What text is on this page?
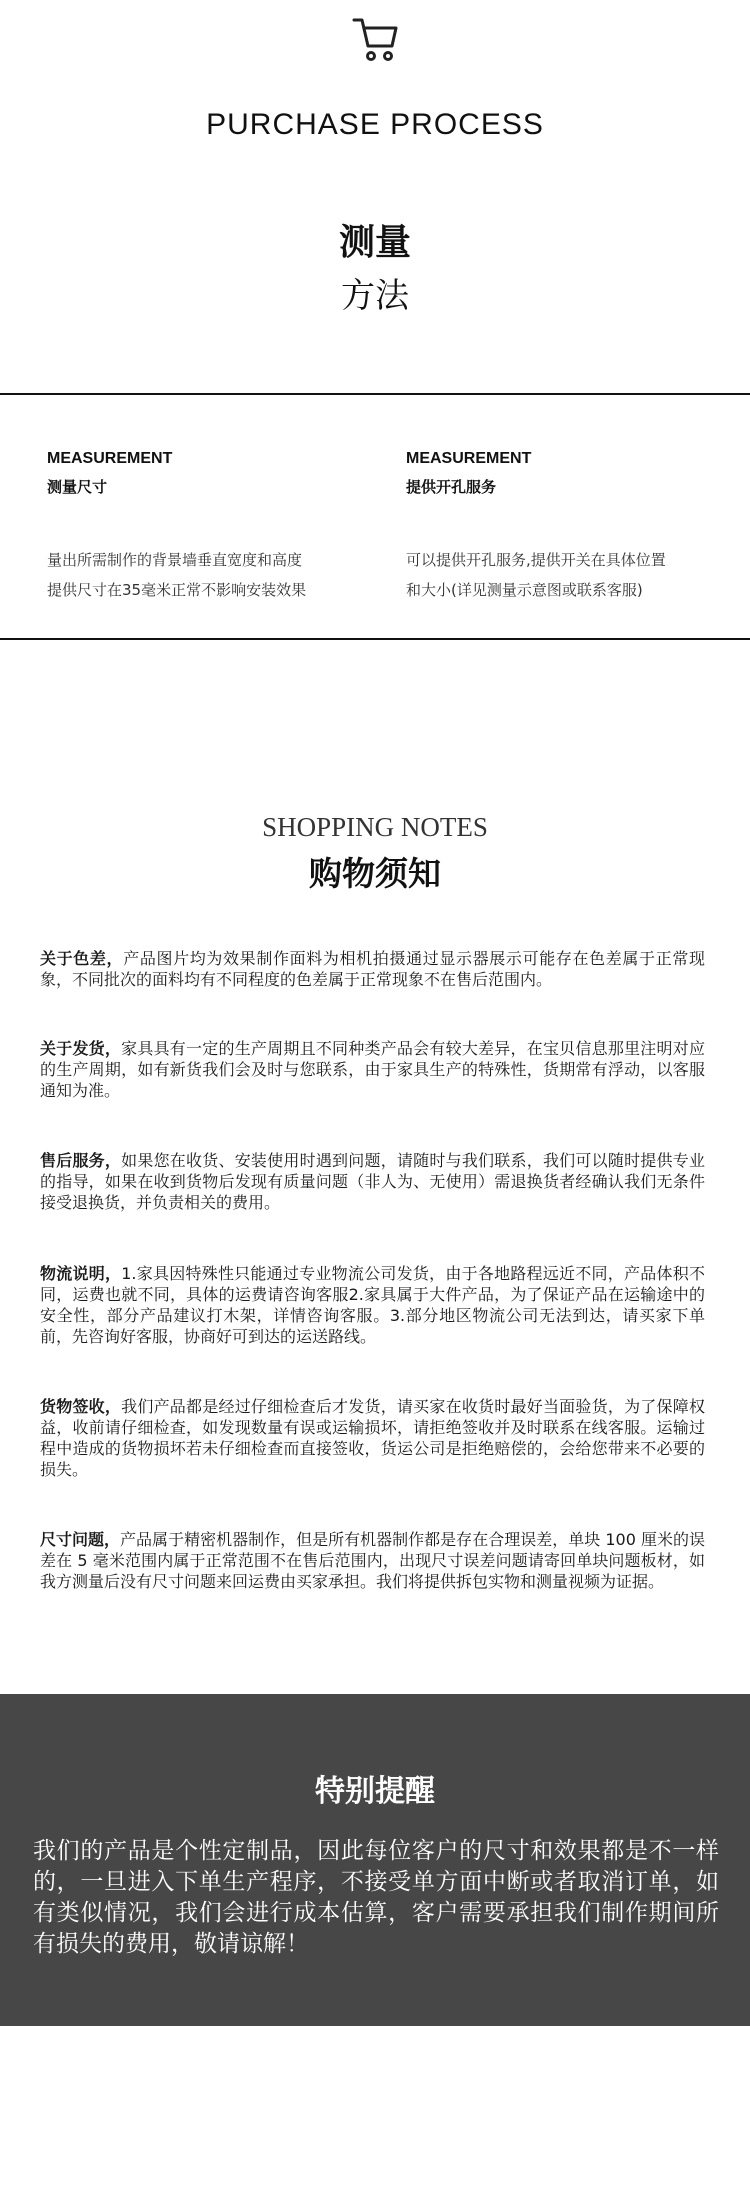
PURCHASE PROCESS
测量
方法
MEASUREMENT
测量尺寸
量出所需制作的背景墙垂直宽度和高度
提供尺寸在35毫米正常不影响安装效果
MEASUREMENT
提供开孔服务
可以提供开孔服务,提供开关在具体位置
和大小(详见测量示意图或联系客服)
SHOPPING NOTES
购物须知
关于色差，产品图片均为效果制作面料为相机拍摄通过显示器展示可能存在色差属于正常现象，不同批次的面料均有不同程度的色差属于正常现象不在售后范围内。
关于发货，家具具有一定的生产周期且不同种类产品会有较大差异，在宝贝信息那里注明对应的生产周期，如有新货我们会及时与您联系，由于家具生产的特殊性，货期常有浮动，以客服通知为准。
售后服务，如果您在收货、安装使用时遇到问题，请随时与我们联系，我们可以随时提供专业的指导，如果在收到货物后发现有质量问题（非人为、无使用）需退换货者经确认我们无条件接受退换货，并负责相关的费用。
物流说明，1.家具因特殊性只能通过专业物流公司发货，由于各地路程远近不同，产品体积不同，运费也就不同，具体的运费请咨询客服2.家具属于大件产品，为了保证产品在运输途中的安全性，部分产品建议打木架，详情咨询客服。3.部分地区物流公司无法到达，请买家下单前，先咨询好客服，协商好可到达的运送路线。
货物签收，我们产品都是经过仔细检查后才发货，请买家在收货时最好当面验货，为了保障权益，收前请仔细检查，如发现数量有误或运输损坏，请拒绝签收并及时联系在线客服。运输过程中造成的货物损坏若未仔细检查而直接签收，货运公司是拒绝赔偿的，会给您带来不必要的损失。
尺寸问题，产品属于精密机器制作，但是所有机器制作都是存在合理误差，单块 100 厘米的误差在 5 毫米范围内属于正常范围不在售后范围内，出现尺寸误差问题请寄回单块问题板材，如我方测量后没有尺寸问题来回运费由买家承担。我们将提供拆包实物和测量视频为证据。
特别提醒
我们的产品是个性定制品，因此每位客户的尺寸和效果都是不一样的，一旦进入下单生产程序，不接受单方面中断或者取消订单，如有类似情况，我们会进行成本估算，客户需要承担我们制作期间所有损失的费用，敬请谅解！
